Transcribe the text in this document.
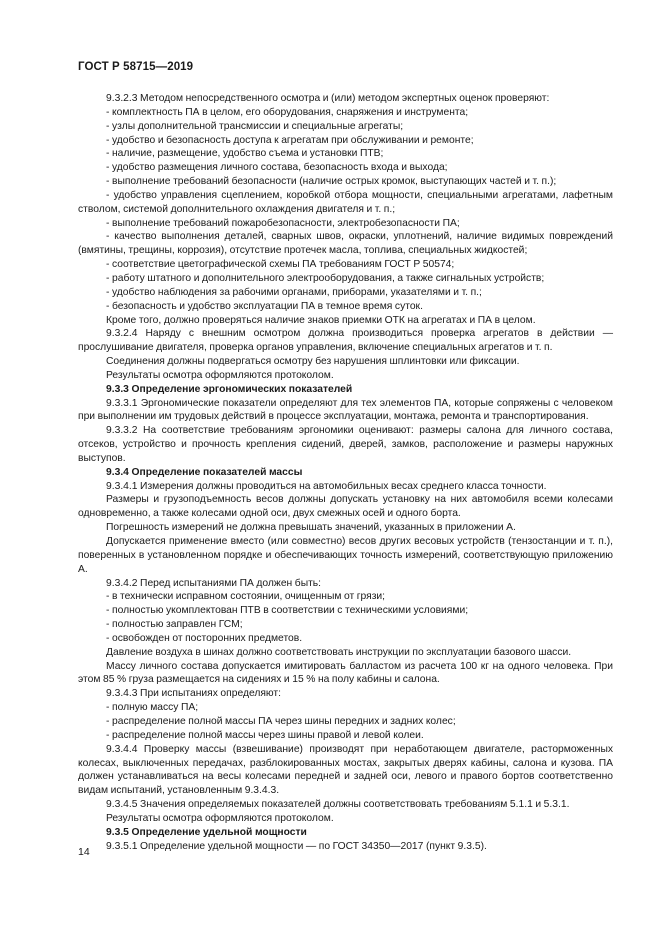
ГОСТ Р 58715—2019

9.3.2.3 Методом непосредственного осмотра и (или) методом экспертных оценок проверяют:

- комплектность ПА в целом, его оборудования, снаряжения и инструмента;

- узлы дополнительной трансмиссии и специальные агрегаты;

- удобство и безопасность доступа к агрегатам при обслуживании и ремонте;

- наличие, размещение, удобство съема и установки ПТВ;

- удобство размещения личного состава, безопасность входа и выхода;

- выполнение требований безопасности (наличие острых кромок, выступающих частей и т. п.);

- удобство управления сцеплением, коробкой отбора мощности, специальными агрегатами, лафетным стволом, системой дополнительного охлаждения двигателя и т. п.;

- выполнение требований пожаробезопасности, электробезопасности ПА;

- качество выполнения деталей, сварных швов, окраски, уплотнений, наличие видимых повреждений (вмятины, трещины, коррозия), отсутствие протечек масла, топлива, специальных жидкостей;

- соответствие цветографической схемы ПА требованиям ГОСТ Р 50574;

- работу штатного и дополнительного электрооборудования, а также сигнальных устройств;

- удобство наблюдения за рабочими органами, приборами, указателями и т. п.;

- безопасность и удобство эксплуатации ПА в темное время суток.

Кроме того, должно проверяться наличие знаков приемки ОТК на агрегатах и ПА в целом.

9.3.2.4 Наряду с внешним осмотром должна производиться проверка агрегатов в действии — прослушивание двигателя, проверка органов управления, включение специальных агрегатов и т. п.

Соединения должны подвергаться осмотру без нарушения шплинтовки или фиксации.

Результаты осмотра оформляются протоколом.

9.3.3 Определение эргономических показателей

9.3.3.1 Эргономические показатели определяют для тех элементов ПА, которые сопряжены с человеком при выполнении им трудовых действий в процессе эксплуатации, монтажа, ремонта и транспортирования.

9.3.3.2 На соответствие требованиям эргономики оценивают: размеры салона для личного состава, отсеков, устройство и прочность крепления сидений, дверей, замков, расположение и размеры наружных выступов.

9.3.4 Определение показателей массы

9.3.4.1 Измерения должны проводиться на автомобильных весах среднего класса точности.

Размеры и грузоподъемность весов должны допускать установку на них автомобиля всеми колесами одновременно, а также колесами одной оси, двух смежных осей и одного борта.

Погрешность измерений не должна превышать значений, указанных в приложении А.

Допускается применение вместо (или совместно) весов других весовых устройств (тензостанции и т. п.), поверенных в установленном порядке и обеспечивающих точность измерений, соответствующую приложению А.

9.3.4.2 Перед испытаниями ПА должен быть:

- в технически исправном состоянии, очищенным от грязи;

- полностью укомплектован ПТВ в соответствии с техническими условиями;

- полностью заправлен ГСМ;

- освобожден от посторонних предметов.

Давление воздуха в шинах должно соответствовать инструкции по эксплуатации базового шасси.

Массу личного состава допускается имитировать балластом из расчета 100 кг на одного человека. При этом 85 % груза размещается на сидениях и 15 % на полу кабины и салона.

9.3.4.3 При испытаниях определяют:

- полную массу ПА;

- распределение полной массы ПА через шины передних и задних колес;

- распределение полной массы через шины правой и левой колеи.

9.3.4.4 Проверку массы (взвешивание) производят при неработающем двигателе, расторможенных колесах, выключенных передачах, разблокированных мостах, закрытых дверях кабины, салона и кузова. ПА должен устанавливаться на весы колесами передней и задней оси, левого и правого бортов соответственно видам испытаний, установленным 9.3.4.3.

9.3.4.5 Значения определяемых показателей должны соответствовать требованиям 5.1.1 и 5.3.1.

Результаты осмотра оформляются протоколом.

9.3.5 Определение удельной мощности

9.3.5.1 Определение удельной мощности — по ГОСТ 34350—2017 (пункт 9.3.5).

14
